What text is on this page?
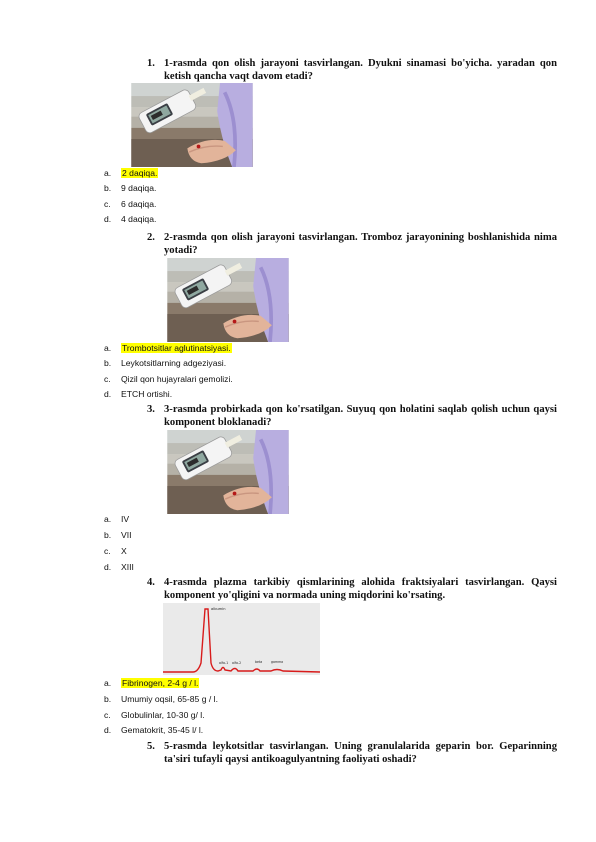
1. 1-rasmda qon olish jarayoni tasvirlangan. Dyukni sinamasi bo'yicha. yaradan qon ketish qancha vaqt davom etadi?
a. 2 daqiqa.
b. 9 daqiqa.
c. 6 daqiqa.
d. 4 daqiqa.
2. 2-rasmda qon olish jarayoni tasvirlangan. Tromboz jarayonining boshlanishida nima yotadi?
a. Trombotsitlar aglutinatsiyasi.
b. Leykotsitlarning adgeziyasi.
c. Qizil qon hujayralari gemolizi.
d. ETCH ortishi.
3. 3-rasmda probirkada qon ko'rsatilgan. Suyuq qon holatini saqlab qolish uchun qaysi komponent bloklanadi?
a. IV
b. VII
c. X
d. XIII
4. 4-rasmda plazma tarkibiy qismlarining alohida fraktsiyalari tasvirlangan. Qaysi komponent yo'qligini va normada uning miqdorini ko'rsating.
albumin
alfa-1 alfa-2	beta	gamma
a. Fibrinogen, 2-4 g / l.
b. Umumiy oqsil, 65-85 g / l.
c. Globulinlar, 10-30 g/ l.
d. Gematokrit, 35-45 l/ l.
5. 5-rasmda leykotsitlar tasvirlangan. Uning granulalarida geparin bor. Geparinning ta'siri tufayli qaysi antikoagulyantning faoliyati oshadi?
